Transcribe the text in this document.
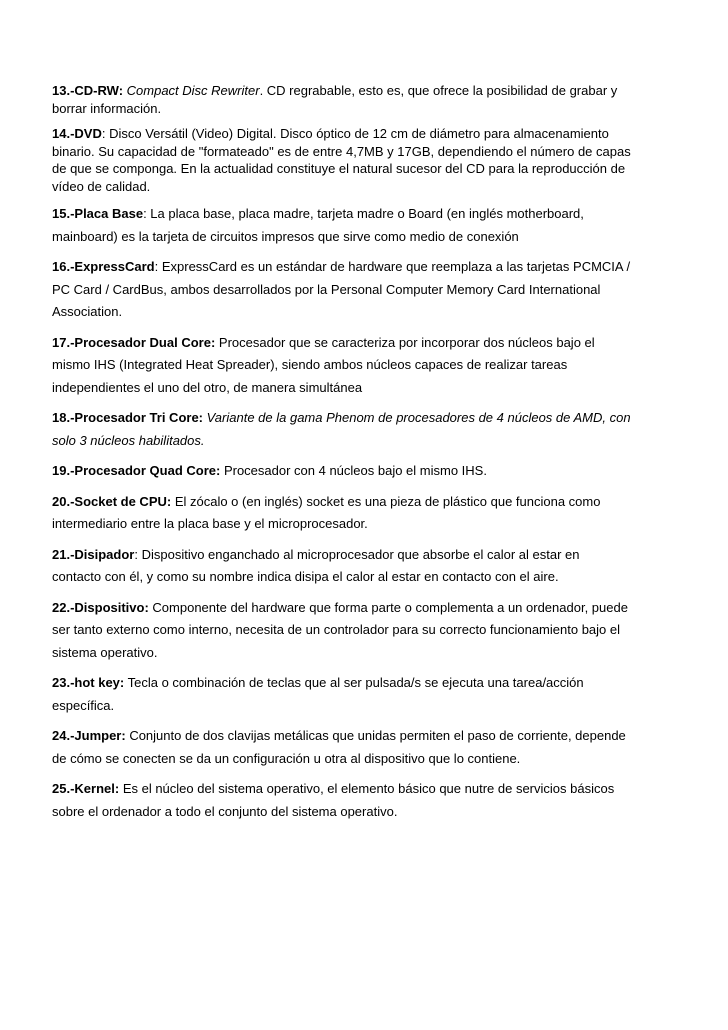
13.-CD-RW: Compact Disc Rewriter. CD regrabable, esto es, que ofrece la posibilidad de grabar y borrar información.

14.-DVD: Disco Versátil (Video) Digital. Disco óptico de 12 cm de diámetro para almacenamiento binario. Su capacidad de "formateado" es de entre 4,7MB y 17GB, dependiendo el número de capas de que se componga. En la actualidad constituye el natural sucesor del CD para la reproducción de vídeo de calidad.

15.-Placa Base: La placa base, placa madre, tarjeta madre o Board (en inglés motherboard, mainboard) es la tarjeta de circuitos impresos que sirve como medio de conexión

16.-ExpressCard: ExpressCard es un estándar de hardware que reemplaza a las tarjetas PCMCIA / PC Card / CardBus, ambos desarrollados por la Personal Computer Memory Card International Association.

17.-Procesador Dual Core: Procesador que se caracteriza por incorporar dos núcleos bajo el mismo IHS (Integrated Heat Spreader), siendo ambos núcleos capaces de realizar tareas independientes el uno del otro, de manera simultánea

18.-Procesador Tri Core: Variante de la gama Phenom de procesadores de 4 núcleos de AMD, con solo 3 núcleos habilitados.

19.-Procesador Quad Core: Procesador con 4 núcleos bajo el mismo IHS.

20.-Socket de CPU: El zócalo o (en inglés) socket es una pieza de plástico que funciona como intermediario entre la placa base y el microprocesador.

21.-Disipador: Dispositivo enganchado al microprocesador que absorbe el calor al estar en contacto con él, y como su nombre indica disipa el calor al estar en contacto con el aire.

22.-Dispositivo: Componente del hardware que forma parte o complementa a un ordenador, puede ser tanto externo como interno, necesita de un controlador para su correcto funcionamiento bajo el sistema operativo.

23.-hot key: Tecla o combinación de teclas que al ser pulsada/s se ejecuta una tarea/acción específica.

24.-Jumper: Conjunto de dos clavijas metálicas que unidas permiten el paso de corriente, depende de cómo se conecten se da un configuración u otra al dispositivo que lo contiene.

25.-Kernel: Es el núcleo del sistema operativo, el elemento básico que nutre de servicios básicos sobre el ordenador a todo el conjunto del sistema operativo.
